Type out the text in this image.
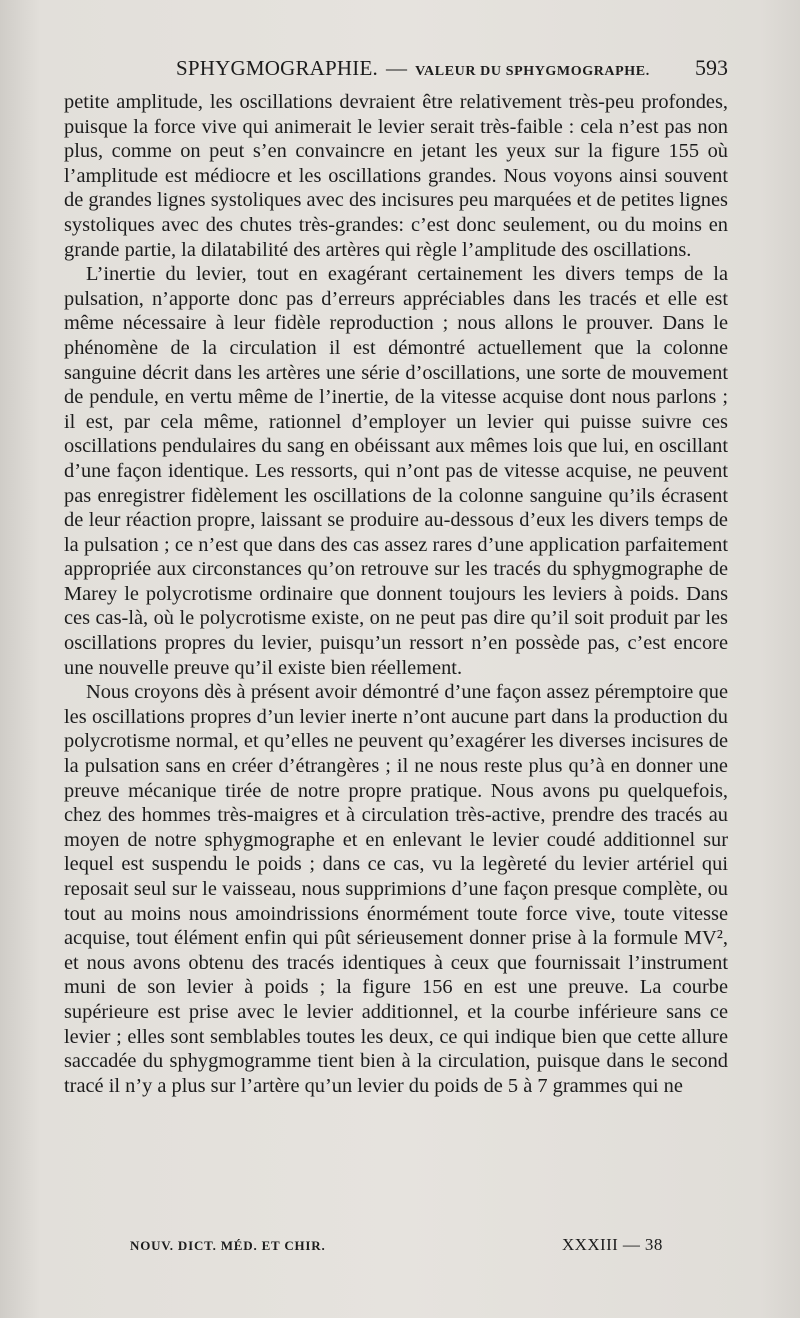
SPHYGMOGRAPHIE. — VALEUR DU SPHYGMOGRAPHE. 593

petite amplitude, les oscillations devraient être relativement très-peu profondes, puisque la force vive qui animerait le levier serait très-faible : cela n’est pas non plus, comme on peut s’en convaincre en jetant les yeux sur la figure 155 où l’amplitude est médiocre et les oscillations grandes. Nous voyons ainsi souvent de grandes lignes systoliques avec des incisures peu marquées et de petites lignes systoliques avec des chutes très-grandes: c’est donc seulement, ou du moins en grande partie, la dilatabilité des artères qui règle l’amplitude des oscillations.

L’inertie du levier, tout en exagérant certainement les divers temps de la pulsation, n’apporte donc pas d’erreurs appréciables dans les tracés et elle est même nécessaire à leur fidèle reproduction ; nous allons le prouver. Dans le phénomène de la circulation il est démontré actuellement que la colonne sanguine décrit dans les artères une série d’oscillations, une sorte de mouvement de pendule, en vertu même de l’inertie, de la vitesse acquise dont nous parlons ; il est, par cela même, rationnel d’employer un levier qui puisse suivre ces oscillations pendulaires du sang en obéissant aux mêmes lois que lui, en oscillant d’une façon identique. Les ressorts, qui n’ont pas de vitesse acquise, ne peuvent pas enregistrer fidèlement les oscillations de la colonne sanguine qu’ils écrasent de leur réaction propre, laissant se produire au-dessous d’eux les divers temps de la pulsation ; ce n’est que dans des cas assez rares d’une application parfaitement appropriée aux circonstances qu’on retrouve sur les tracés du sphygmographe de Marey le polycrotisme ordinaire que donnent toujours les leviers à poids. Dans ces cas-là, où le polycrotisme existe, on ne peut pas dire qu’il soit produit par les oscillations propres du levier, puisqu’un ressort n’en possède pas, c’est encore une nouvelle preuve qu’il existe bien réellement.

Nous croyons dès à présent avoir démontré d’une façon assez péremptoire que les oscillations propres d’un levier inerte n’ont aucune part dans la production du polycrotisme normal, et qu’elles ne peuvent qu’exagérer les diverses incisures de la pulsation sans en créer d’étrangères ; il ne nous reste plus qu’à en donner une preuve mécanique tirée de notre propre pratique. Nous avons pu quelquefois, chez des hommes très-maigres et à circulation très-active, prendre des tracés au moyen de notre sphygmographe et en enlevant le levier coudé additionnel sur lequel est suspendu le poids ; dans ce cas, vu la legèreté du levier artériel qui reposait seul sur le vaisseau, nous supprimions d’une façon presque complète, ou tout au moins nous amoindrissions énormément toute force vive, toute vitesse acquise, tout élément enfin qui pût sérieusement donner prise à la formule MV², et nous avons obtenu des tracés identiques à ceux que fournissait l’instrument muni de son levier à poids ; la figure 156 en est une preuve. La courbe supérieure est prise avec le levier additionnel, et la courbe inférieure sans ce levier ; elles sont semblables toutes les deux, ce qui indique bien que cette allure saccadée du sphygmogramme tient bien à la circulation, puisque dans le second tracé il n’y a plus sur l’artère qu’un levier du poids de 5 à 7 grammes qui ne

NOUV. DICT. MÉD. ET CHIR.	XXXIII — 38
